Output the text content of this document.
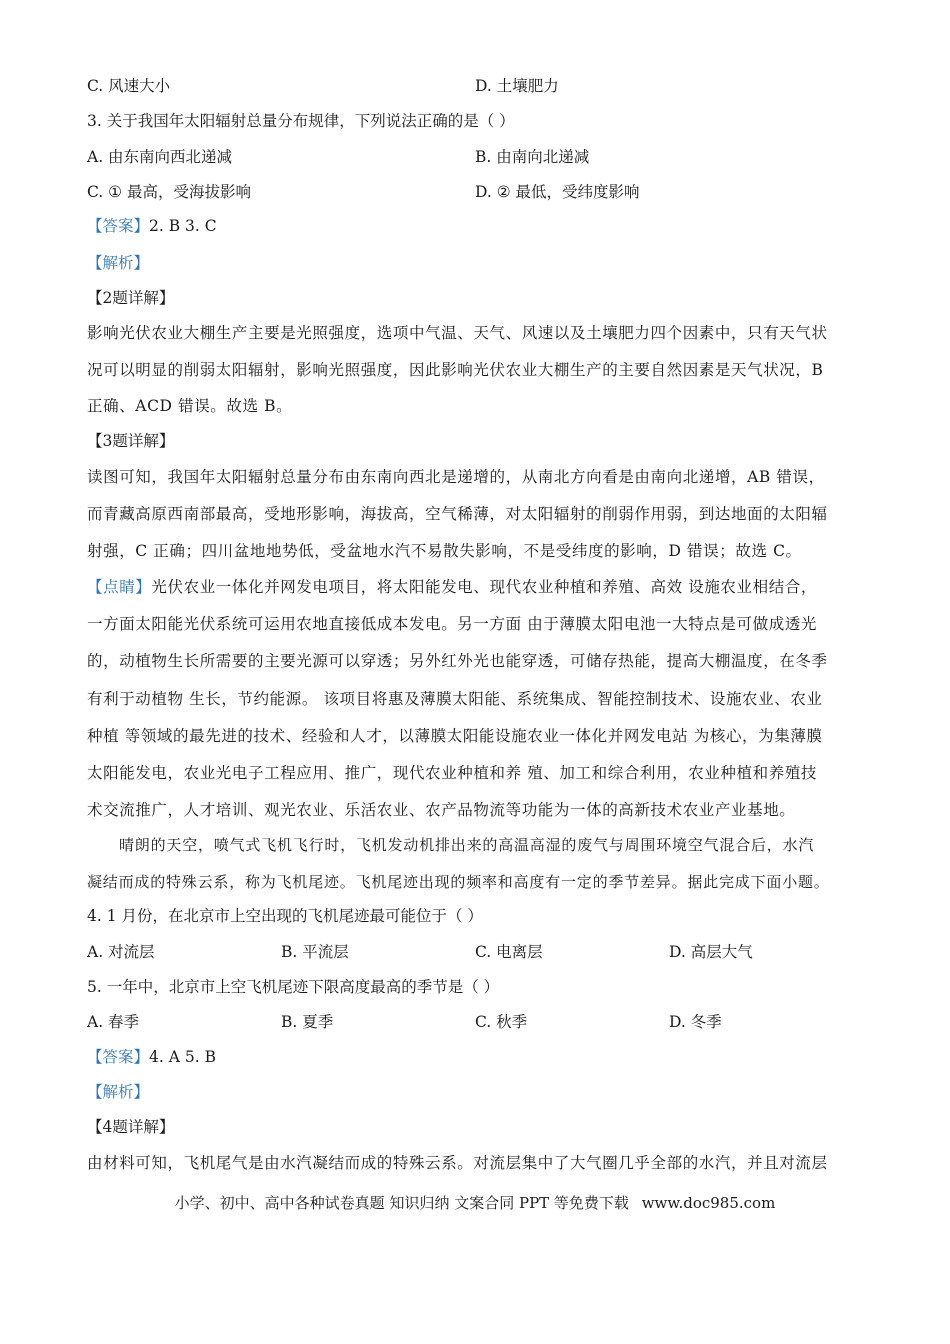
C. 风速大小	D. 土壤肥力
3. 关于我国年太阳辐射总量分布规律，下列说法正确的是（ ）
A. 由东南向西北递减	B. 由南向北递减
C. ① 最高，受海拔影响	D. ② 最低，受纬度影响
【答案】2. B 3. C
【解析】
【2题详解】
影响光伏农业大棚生产主要是光照强度，选项中气温、天气、风速以及土壤肥力四个因素中，只有天气状
况可以明显的削弱太阳辐射，影响光照强度，因此影响光伏农业大棚生产的主要自然因素是天气状况，B
正确、ACD 错误。故选 B。
【3题详解】
读图可知，我国年太阳辐射总量分布由东南向西北是递增的，从南北方向看是由南向北递增，AB 错误，
而青藏高原西南部最高，受地形影响，海拔高，空气稀薄，对太阳辐射的削弱作用弱，到达地面的太阳辐
射强，C 正确；四川盆地地势低，受盆地水汽不易散失影响，不是受纬度的影响，D 错误；故选 C。
【点睛】光伏农业一体化并网发电项目，将太阳能发电、现代农业种植和养殖、高效 设施农业相结合，
一方面太阳能光伏系统可运用农地直接低成本发电。另一方面 由于薄膜太阳电池一大特点是可做成透光
的，动植物生长所需要的主要光源可以穿透；另外红外光也能穿透，可储存热能，提高大棚温度，在冬季
有利于动植物 生长，节约能源。 该项目将惠及薄膜太阳能、系统集成、智能控制技术、设施农业、农业
种植 等领域的最先进的技术、经验和人才，以薄膜太阳能设施农业一体化并网发电站 为核心，为集薄膜
太阳能发电，农业光电子工程应用、推广，现代农业种植和养 殖、加工和综合利用，农业种植和养殖技
术交流推广，人才培训、观光农业、乐活农业、农产品物流等功能为一体的高新技术农业产业基地。
晴朗的天空，喷气式飞机飞行时，飞机发动机排出来的高温高湿的废气与周围环境空气混合后，水汽
凝结而成的特殊云系，称为飞机尾迹。飞机尾迹出现的频率和高度有一定的季节差异。据此完成下面小题。
4. 1 月份，在北京市上空出现的飞机尾迹最可能位于（ ）
A. 对流层	B. 平流层	C. 电离层	D. 高层大气
5. 一年中，北京市上空飞机尾迹下限高度最高的季节是（ ）
A. 春季	B. 夏季	C. 秋季	D. 冬季
【答案】4. A 5. B
【解析】
【4题详解】
由材料可知，飞机尾气是由水汽凝结而成的特殊云系。对流层集中了大气圈几乎全部的水汽，并且对流层
小学、初中、高中各种试卷真题 知识归纳 文案合同 PPT 等免费下载 www.doc985.com
